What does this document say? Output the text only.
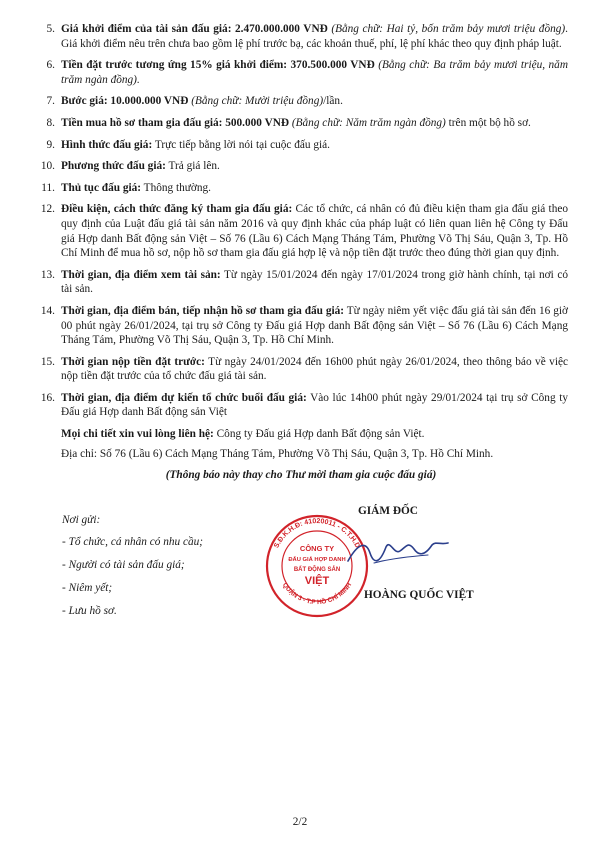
5. Giá khởi điểm của tài sản đấu giá: 2.470.000.000 VNĐ (Bằng chữ: Hai tỷ, bốn trăm bảy mươi triệu đồng). Giá khởi điểm nêu trên chưa bao gồm lệ phí trước bạ, các khoản thuế, phí, lệ phí khác theo quy định pháp luật.
6. Tiền đặt trước tương ứng 15% giá khởi điểm: 370.500.000 VNĐ (Bằng chữ: Ba trăm bảy mươi triệu, năm trăm ngàn đồng).
7. Bước giá: 10.000.000 VNĐ (Bằng chữ: Mười triệu đồng)/lần.
8. Tiền mua hồ sơ tham gia đấu giá: 500.000 VNĐ (Bằng chữ: Năm trăm ngàn đồng) trên một bộ hồ sơ.
9. Hình thức đấu giá: Trực tiếp bằng lời nói tại cuộc đấu giá.
10. Phương thức đấu giá: Trả giá lên.
11. Thủ tục đấu giá: Thông thường.
12. Điều kiện, cách thức đăng ký tham gia đấu giá: Các tổ chức, cá nhân có đủ điều kiện tham gia đấu giá theo quy định của Luật đấu giá tài sản năm 2016 và quy định khác của pháp luật có liên quan liên hệ Công ty Đấu giá Hợp danh Bất động sản Việt – Số 76 (Lầu 6) Cách Mạng Tháng Tám, Phường Võ Thị Sáu, Quận 3, Tp. Hồ Chí Minh để mua hồ sơ, nộp hồ sơ tham gia đấu giá hợp lệ và nộp tiền đặt trước theo đúng thời gian quy định.
13. Thời gian, địa điểm xem tài sản: Từ ngày 15/01/2024 đến ngày 17/01/2024 trong giờ hành chính, tại nơi có tài sản.
14. Thời gian, địa điểm bán, tiếp nhận hồ sơ tham gia đấu giá: Từ ngày niêm yết việc đấu giá tài sản đến 16 giờ 00 phút ngày 26/01/2024, tại trụ sở Công ty Đấu giá Hợp danh Bất động sản Việt – Số 76 (Lầu 6) Cách Mạng Tháng Tám, Phường Võ Thị Sáu, Quận 3, Tp. Hồ Chí Minh.
15. Thời gian nộp tiền đặt trước: Từ ngày 24/01/2024 đến 16h00 phút ngày 26/01/2024, theo thông báo về việc nộp tiền đặt trước của tổ chức đấu giá tài sản.
16. Thời gian, địa điểm dự kiến tổ chức buổi đấu giá: Vào lúc 14h00 phút ngày 29/01/2024 tại trụ sở Công ty Đấu giá Hợp danh Bất động sản Việt
Mọi chi tiết xin vui lòng liên hệ: Công ty Đấu giá Hợp danh Bất động sản Việt.
Địa chỉ: Số 76 (Lầu 6) Cách Mạng Tháng Tám, Phường Võ Thị Sáu, Quận 3, Tp. Hồ Chí Minh.
(Thông báo này thay cho Thư mời tham gia cuộc đấu giá)
Nơi gửi:
- Tổ chức, cá nhân có nhu cầu;
- Người có tài sản đấu giá;
- Niêm yết;
- Lưu hồ sơ.
GIÁM ĐỐC
S.Đ.K.H.Đ: 41020011 - C.T.H.D
QUẬN 3 - T.P HỒ CHÍ MINH
CÔNG TY
ĐẤU GIÁ HỢP DANH
BẤT ĐỘNG SẢN
VIỆT
HOÀNG QUỐC VIỆT
2/2
